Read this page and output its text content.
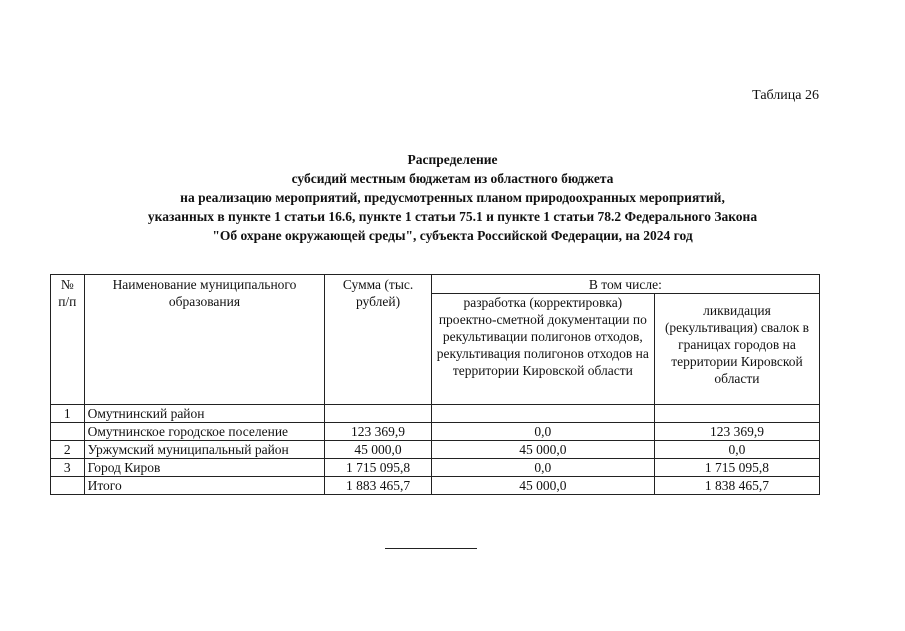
Таблица 26
Распределение
субсидий местным бюджетам из областного бюджета
на реализацию мероприятий, предусмотренных планом природоохранных мероприятий,
указанных в пункте 1 статьи 16.6, пункте 1 статьи 75.1 и пункте 1 статьи 78.2 Федерального Закона
"Об охране окружающей среды", субъекта Российской Федерации, на 2024 год
№ п/п	Наименование муниципального образования	Сумма (тыс. рублей)	В том числе:	
			разработка (корректировка) проектно-сметной документации по рекультивации полигонов отходов, рекультивация полигонов отходов на территории Кировской области	ликвидация (рекультивация) свалок в границах городов на территории Кировской области
1	Омутнинский район			
	Омутнинское городское поселение	123 369,9	0,0	123 369,9
2	Уржумский муниципальный район	45 000,0	45 000,0	0,0
3	Город Киров	1 715 095,8	0,0	1 715 095,8
	Итого	1 883 465,7	45 000,0	1 838 465,7
